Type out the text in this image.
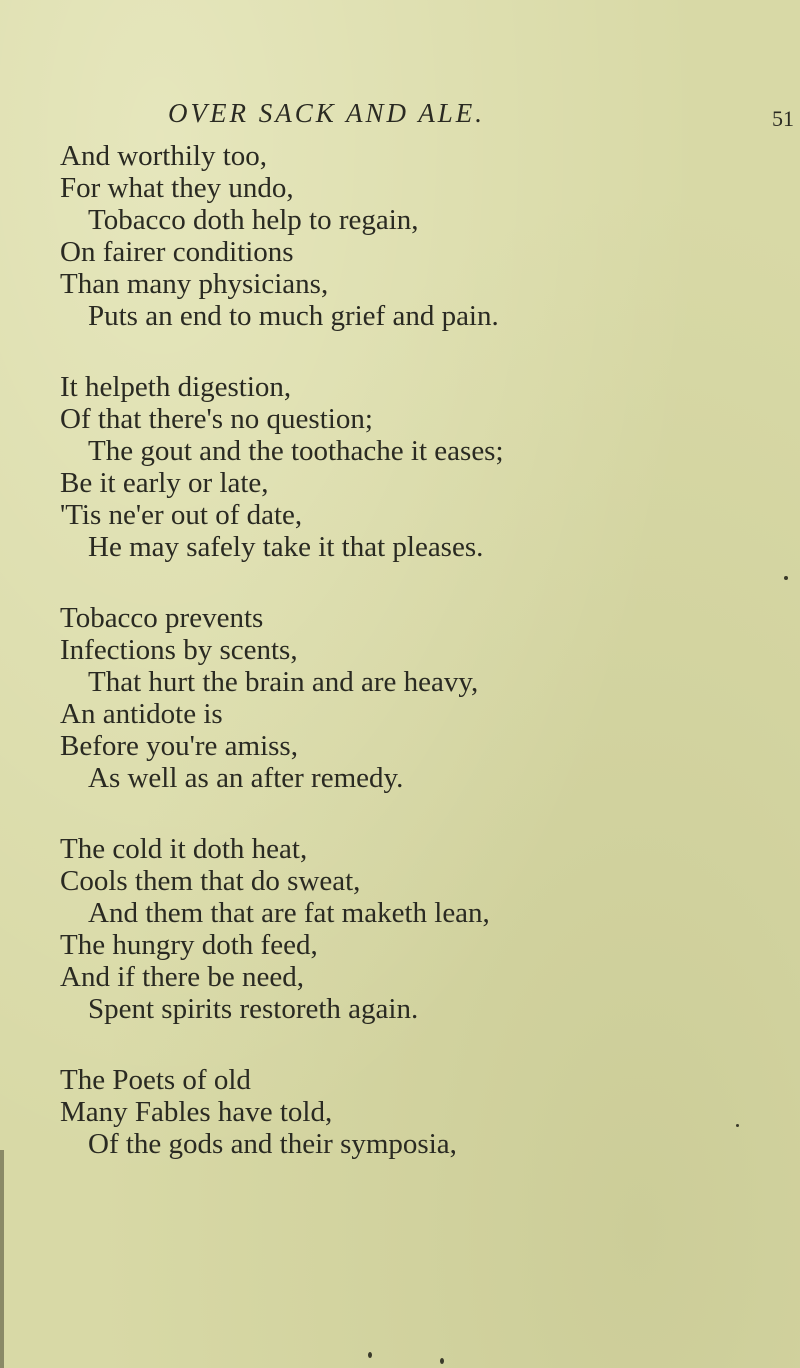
OVER SACK AND ALE.	51
And worthily too,
For what they undo,
Tobacco doth help to regain,
On fairer conditions
Than many physicians,
Puts an end to much grief and pain.
It helpeth digestion,
Of that there's no question;
The gout and the toothache it eases;
Be it early or late,
'Tis ne'er out of date,
He may safely take it that pleases.
Tobacco prevents
Infections by scents,
That hurt the brain and are heavy,
An antidote is
Before you're amiss,
As well as an after remedy.
The cold it doth heat,
Cools them that do sweat,
And them that are fat maketh lean,
The hungry doth feed,
And if there be need,
Spent spirits restoreth again.
The Poets of old
Many Fables have told,
Of the gods and their symposia,
